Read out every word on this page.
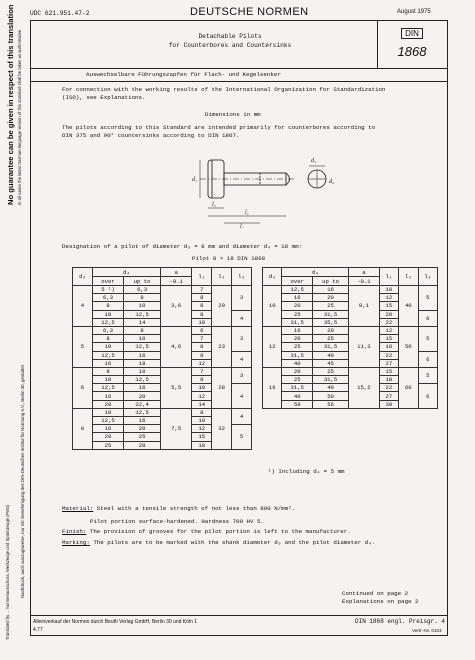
UDC 621.951.47-2	DEUTSCHE NORMEN	August 1975
Detachable Pilots
for Counterbores and Countersinks
DIN
1868
No guarantee can be given in respect of this translation In all cases the latest German-language version of this standard shall be taken as authoritative.
Nachdruck, auch auszugsweise, nur mit Genehmigung des DIN Deutsches Institut für Normung e.V., Berlin 30, gestattet
Translated by ... Normenausschuss, Werkzeuge und Spannzeuge (FWS)
Auswechselbare Führungszapfen für Flach- und Kegelsenker
For connection with the working results of the International Organization for Standardization
(ISO), see Explanations.
Dimensions in mm
The pilots according to this Standard are intended primarily for counterbores according to
DIN 375 and 90° countersinks according to DIN 1867.
d₁
l₃
l₁
l₂
d₃
d₂
Designation of a pilot of diameter d₃ = 8 mm and diameter d₄ = 18 mm:
Pilot 8 × 18 DIN 1868
d₃	d₄		a	l₁	l₂	l₃
	over	up to	-0.1			
4	5 ¹)	6,3	3,6	7	20	3
	6,3	8		8		
	8	10		8		
	10	12,5		8		4
	12,5	14		10		
5	6,3	8	4,6	6	23	3
	8	10		7		
	10	12,5		8		
	12,5	16		8		4
	16	18		12		
6	8	10	5,5	7	28	3
	10	12,5		8		
	12,5	16		10		4
	16	20		12		
	20	22,4		14		
8	10	12,5	7,5	8	32	4
	12,5	16		10		
	16	20		12		5
	20	25		15		
	25	28		18		
d₃	d₄		a	l₁	l₂	l₃
	over	up to	-0.1			
10	12,5	16	9,1	10	40	5
	16	20		12		
	20	25		15		
	25	31,5		20		6
	31,5	35,5		22		
12	16	20	11,3	12	50	5
	20	25		15		
	25	31,5		18		
	31,5	40		22		6
	40	45		27		
16	20	25	15,2	15	60	5
	25	31,5		18		
	31,5	40		22		6
	40	50		27		
	50	56		30		
¹) Including d₄ = 5 mm
Material: Steel with a tensile strength of not less than 800 N/mm².
Pilot portion surface-hardened. Hardness 700 HV 5.
Finish: The provision of grooves for the pilot portion is left to the manufacturer.
Marking: The pilots are to be marked with the shank diameter d₃ and the pilot diameter d₄.
Continued on page 2
Explanations on page 2
Alleinverkauf der Normen durch Beuth Verlag GmbH, Berlin 30 und Köln 1
4.77
DIN 1868 engl. Preisgr. 4
Vertr.-Nr. 0104
